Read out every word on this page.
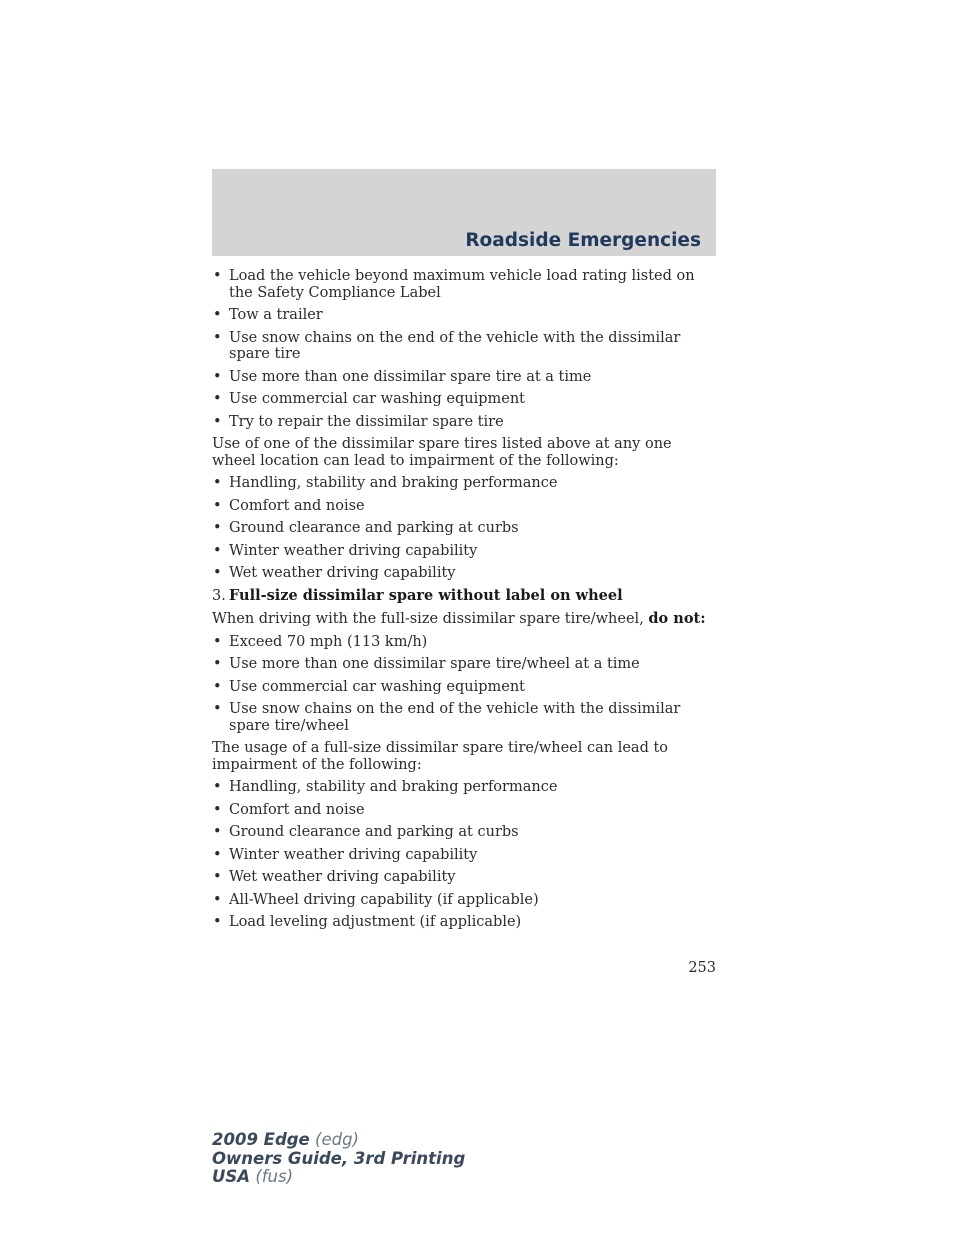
Roadside Emergencies
• Load the vehicle beyond maximum vehicle load rating listed on the Safety Compliance Label
• Tow a trailer
• Use snow chains on the end of the vehicle with the dissimilar spare tire
• Use more than one dissimilar spare tire at a time
• Use commercial car washing equipment
• Try to repair the dissimilar spare tire

Use of one of the dissimilar spare tires listed above at any one wheel location can lead to impairment of the following:

• Handling, stability and braking performance
• Comfort and noise
• Ground clearance and parking at curbs
• Winter weather driving capability
• Wet weather driving capability
3. Full-size dissimilar spare without label on wheel

When driving with the full-size dissimilar spare tire/wheel, do not:

• Exceed 70 mph (113 km/h)
• Use more than one dissimilar spare tire/wheel at a time
• Use commercial car washing equipment
• Use snow chains on the end of the vehicle with the dissimilar spare tire/wheel

The usage of a full-size dissimilar spare tire/wheel can lead to impairment of the following:

• Handling, stability and braking performance
• Comfort and noise
• Ground clearance and parking at curbs
• Winter weather driving capability
• Wet weather driving capability
• All-Wheel driving capability (if applicable)
• Load leveling adjustment (if applicable)
253
2009 Edge (edg)
Owners Guide, 3rd Printing
USA (fus)
